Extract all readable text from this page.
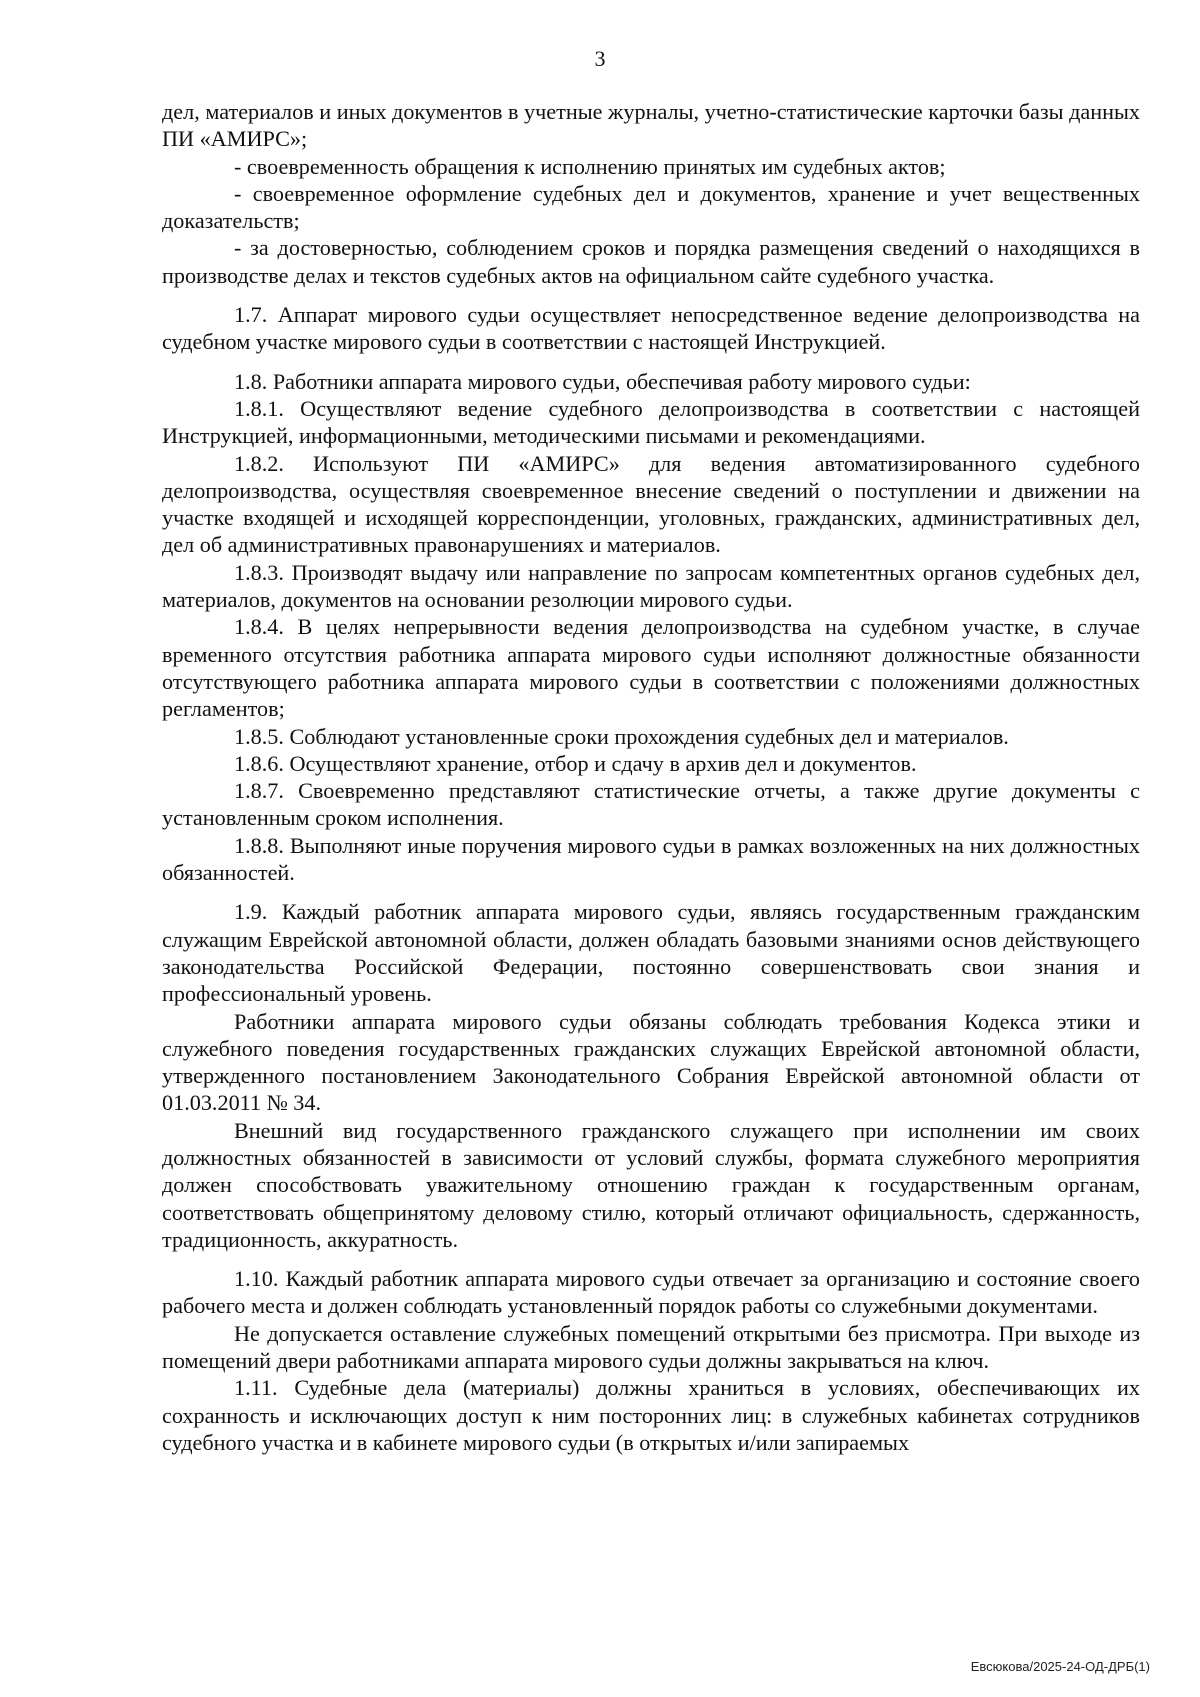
3

дел, материалов и иных документов в учетные журналы, учетно-статистические карточки базы данных ПИ «АМИРС»;

- своевременность обращения к исполнению принятых им судебных актов;

- своевременное оформление судебных дел и документов, хранение и учет вещественных доказательств;

- за достоверностью, соблюдением сроков и порядка размещения сведений о находящихся в производстве делах и текстов судебных актов на официальном сайте судебного участка.

1.7. Аппарат мирового судьи осуществляет непосредственное ведение делопроизводства на судебном участке мирового судьи в соответствии с настоящей Инструкцией.

1.8. Работники аппарата мирового судьи, обеспечивая работу мирового судьи:

1.8.1. Осуществляют ведение судебного делопроизводства в соответствии с настоящей Инструкцией, информационными, методическими письмами и рекомендациями.

1.8.2. Используют ПИ «АМИРС» для ведения автоматизированного судебного делопроизводства, осуществляя своевременное внесение сведений о поступлении и движении на участке входящей и исходящей корреспонденции, уголовных, гражданских, административных дел, дел об административных правонарушениях и материалов.

1.8.3. Производят выдачу или направление по запросам компетентных органов судебных дел, материалов, документов на основании резолюции мирового судьи.

1.8.4. В целях непрерывности ведения делопроизводства на судебном участке, в случае временного отсутствия работника аппарата мирового судьи исполняют должностные обязанности отсутствующего работника аппарата мирового судьи в соответствии с положениями должностных регламентов;

1.8.5. Соблюдают установленные сроки прохождения судебных дел и материалов.

1.8.6. Осуществляют хранение, отбор и сдачу в архив дел и документов.

1.8.7. Своевременно представляют статистические отчеты, а также другие документы с установленным сроком исполнения.

1.8.8. Выполняют иные поручения мирового судьи в рамках возложенных на них должностных обязанностей.

1.9. Каждый работник аппарата мирового судьи, являясь государственным гражданским служащим Еврейской автономной области, должен обладать базовыми знаниями основ действующего законодательства Российской Федерации, постоянно совершенствовать свои знания и профессиональный уровень.

Работники аппарата мирового судьи обязаны соблюдать требования Кодекса этики и служебного поведения государственных гражданских служащих Еврейской автономной области, утвержденного постановлением Законодательного Собрания Еврейской автономной области от 01.03.2011 № 34.

Внешний вид государственного гражданского служащего при исполнении им своих должностных обязанностей в зависимости от условий службы, формата служебного мероприятия должен способствовать уважительному отношению граждан к государственным органам, соответствовать общепринятому деловому стилю, который отличают официальность, сдержанность, традиционность, аккуратность.

1.10. Каждый работник аппарата мирового судьи отвечает за организацию и состояние своего рабочего места и должен соблюдать установленный порядок работы со служебными документами.

Не допускается оставление служебных помещений открытыми без присмотра. При выходе из помещений двери работниками аппарата мирового судьи должны закрываться на ключ.

1.11. Судебные дела (материалы) должны храниться в условиях, обеспечивающих их сохранность и исключающих доступ к ним посторонних лиц: в служебных кабинетах сотрудников судебного участка и в кабинете мирового судьи (в открытых и/или запираемых

Евсюкова/2025-24-ОД-ДРБ(1)
